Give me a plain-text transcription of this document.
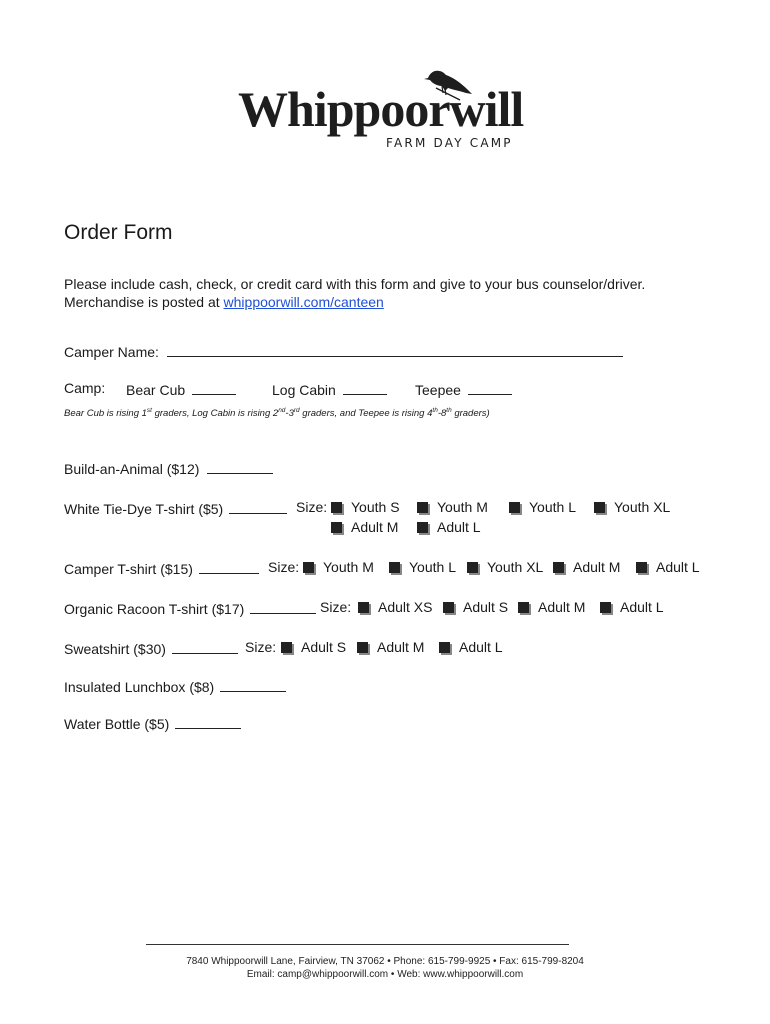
Whippoorwill
FARM DAY CAMP
Order Form
Please include cash, check, or credit card with this form and give to your bus counselor/driver.
Merchandise is posted at whippoorwill.com/canteen
Camper Name:
Camp: Bear Cub	Log Cabin	Teepee
Bear Cub is rising 1st graders, Log Cabin is rising 2nd-3rd graders, and Teepee is rising 4th-8th graders)
Build-an-Animal ($12)
White Tie-Dye T-shirt ($5)	Size:	Youth S	Youth M	Youth L	Youth XL
Adult M	Adult L
Camper T-shirt ($15)	Size:	Youth M	Youth L	Youth XL	Adult M	Adult L
Organic Racoon T-shirt ($17)	Size:	Adult XS	Adult S	Adult M	Adult L
Sweatshirt ($30)	Size:	Adult S	Adult M	Adult L
Insulated Lunchbox ($8)
Water Bottle ($5)
7840 Whippoorwill Lane, Fairview, TN 37062 • Phone: 615-799-9925 • Fax: 615-799-8204
Email: camp@whippoorwill.com • Web: www.whippoorwill.com
